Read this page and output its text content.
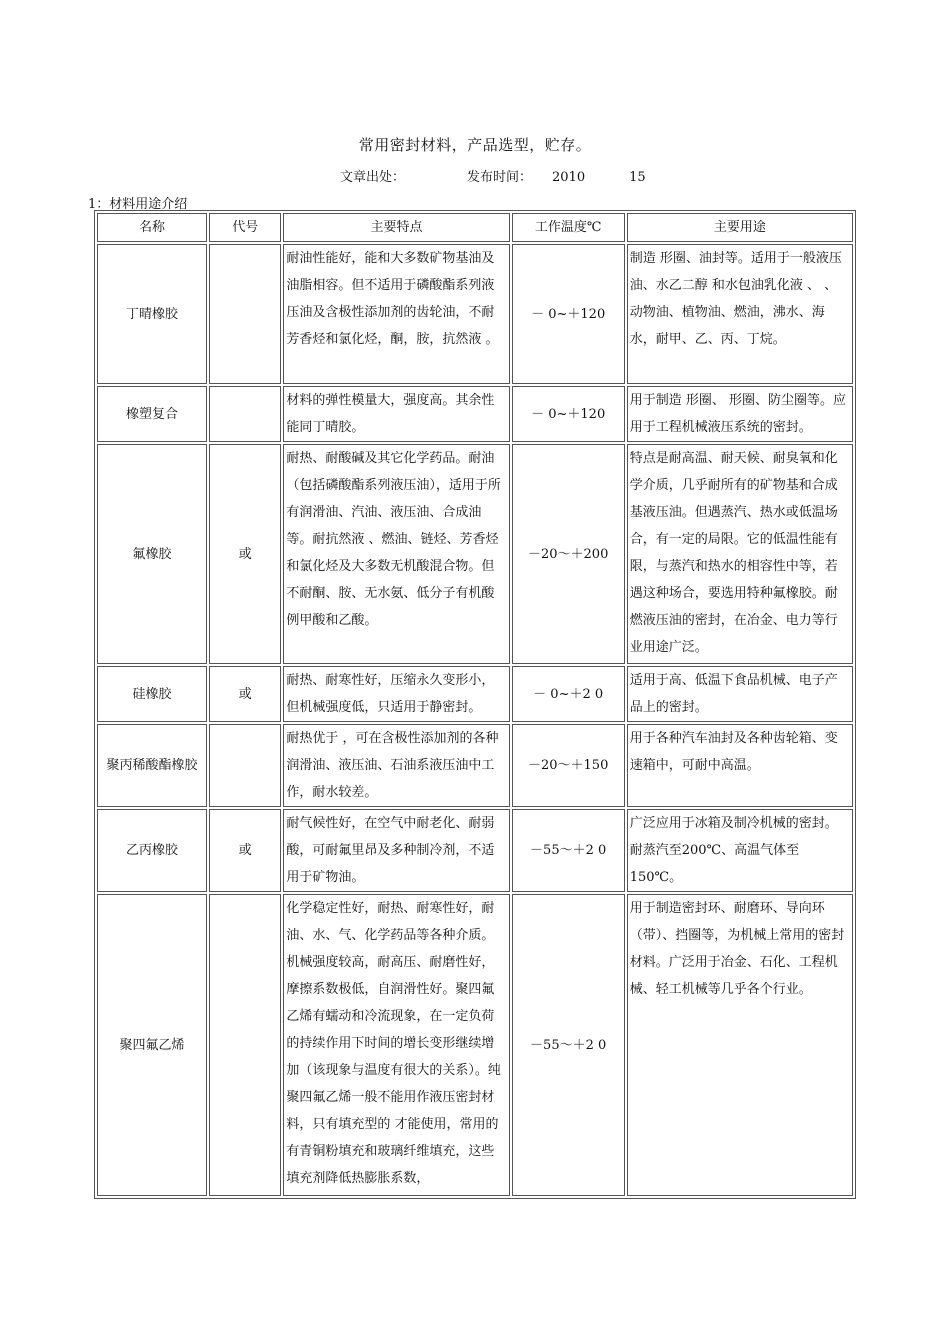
常用密封材料，产品选型，贮存。
文章出处：	发布时间： 2010	15
1：材料用途介绍
名称	代号	主要特点	工作温度℃	主要用途
丁晴橡胶		耐油性能好，能和大多数矿物基油及油脂相容。但不适用于磷酸酯系列液压油及含极性添加剂的齿轮油，不耐芳香烃和氯化烃，酮，胺，抗然液 。	－ 0~＋120	制造 形圈、油封等。适用于一般液压油、水乙二醇 和水包油乳化液 、 、动物油、植物油、燃油，沸水、海水，耐甲、乙、丙、丁烷。
橡塑复合		材料的弹性模量大，强度高。其余性能同丁晴胶。	－ 0~＋120	用于制造 形圈、 形圈、防尘圈等。应用于工程机械液压系统的密封。
氟橡胶	或	耐热、耐酸碱及其它化学药品。耐油（包括磷酸酯系列液压油），适用于所有润滑油、汽油、液压油、合成油等。耐抗然液 、燃油、链烃、芳香烃和氯化烃及大多数无机酸混合物。但不耐酮、胺、无水氨、低分子有机酸例甲酸和乙酸。	－20～＋200	特点是耐高温、耐天候、耐臭氧和化学介质，几乎耐所有的矿物基和合成基液压油。但遇蒸汽、热水或低温场合，有一定的局限。它的低温性能有限，与蒸汽和热水的相容性中等，若遇这种场合，要选用特种氟橡胶。耐燃液压油的密封，在冶金、电力等行业用途广泛。
硅橡胶	或	耐热、耐寒性好，压缩永久变形小，但机械强度低，只适用于静密封。	－ 0~＋2 0	适用于高、低温下食品机械、电子产品上的密封。
聚丙稀酸酯橡胶		耐热优于 ，可在含极性添加剂的各种润滑油、液压油、石油系液压油中工作，耐水较差。	－20～＋150	用于各种汽车油封及各种齿轮箱、变速箱中，可耐中高温。
乙丙橡胶	或	耐气候性好，在空气中耐老化、耐弱酸，可耐氟里昂及多种制冷剂，不适用于矿物油。	－55～＋2 0	广泛应用于冰箱及制冷机械的密封。耐蒸汽至200℃、高温气体至150℃。
聚四氟乙烯		化学稳定性好，耐热、耐寒性好，耐油、水、气、化学药品等各种介质。机械强度较高，耐高压、耐磨性好，摩擦系数极低，自润滑性好。聚四氟乙烯有蠕动和冷流现象，在一定负荷的持续作用下时间的增长变形继续增加（该现象与温度有很大的关系）。纯聚四氟乙烯一般不能用作液压密封材料，只有填充型的 才能使用，常用的有青铜粉填充和玻璃纤维填充，这些填充剂降低热膨胀系数，	－55～＋2 0	用于制造密封环、耐磨环、导向环（带）、挡圈等，为机械上常用的密封材料。广泛用于冶金、石化、工程机械、轻工机械等几乎各个行业。
